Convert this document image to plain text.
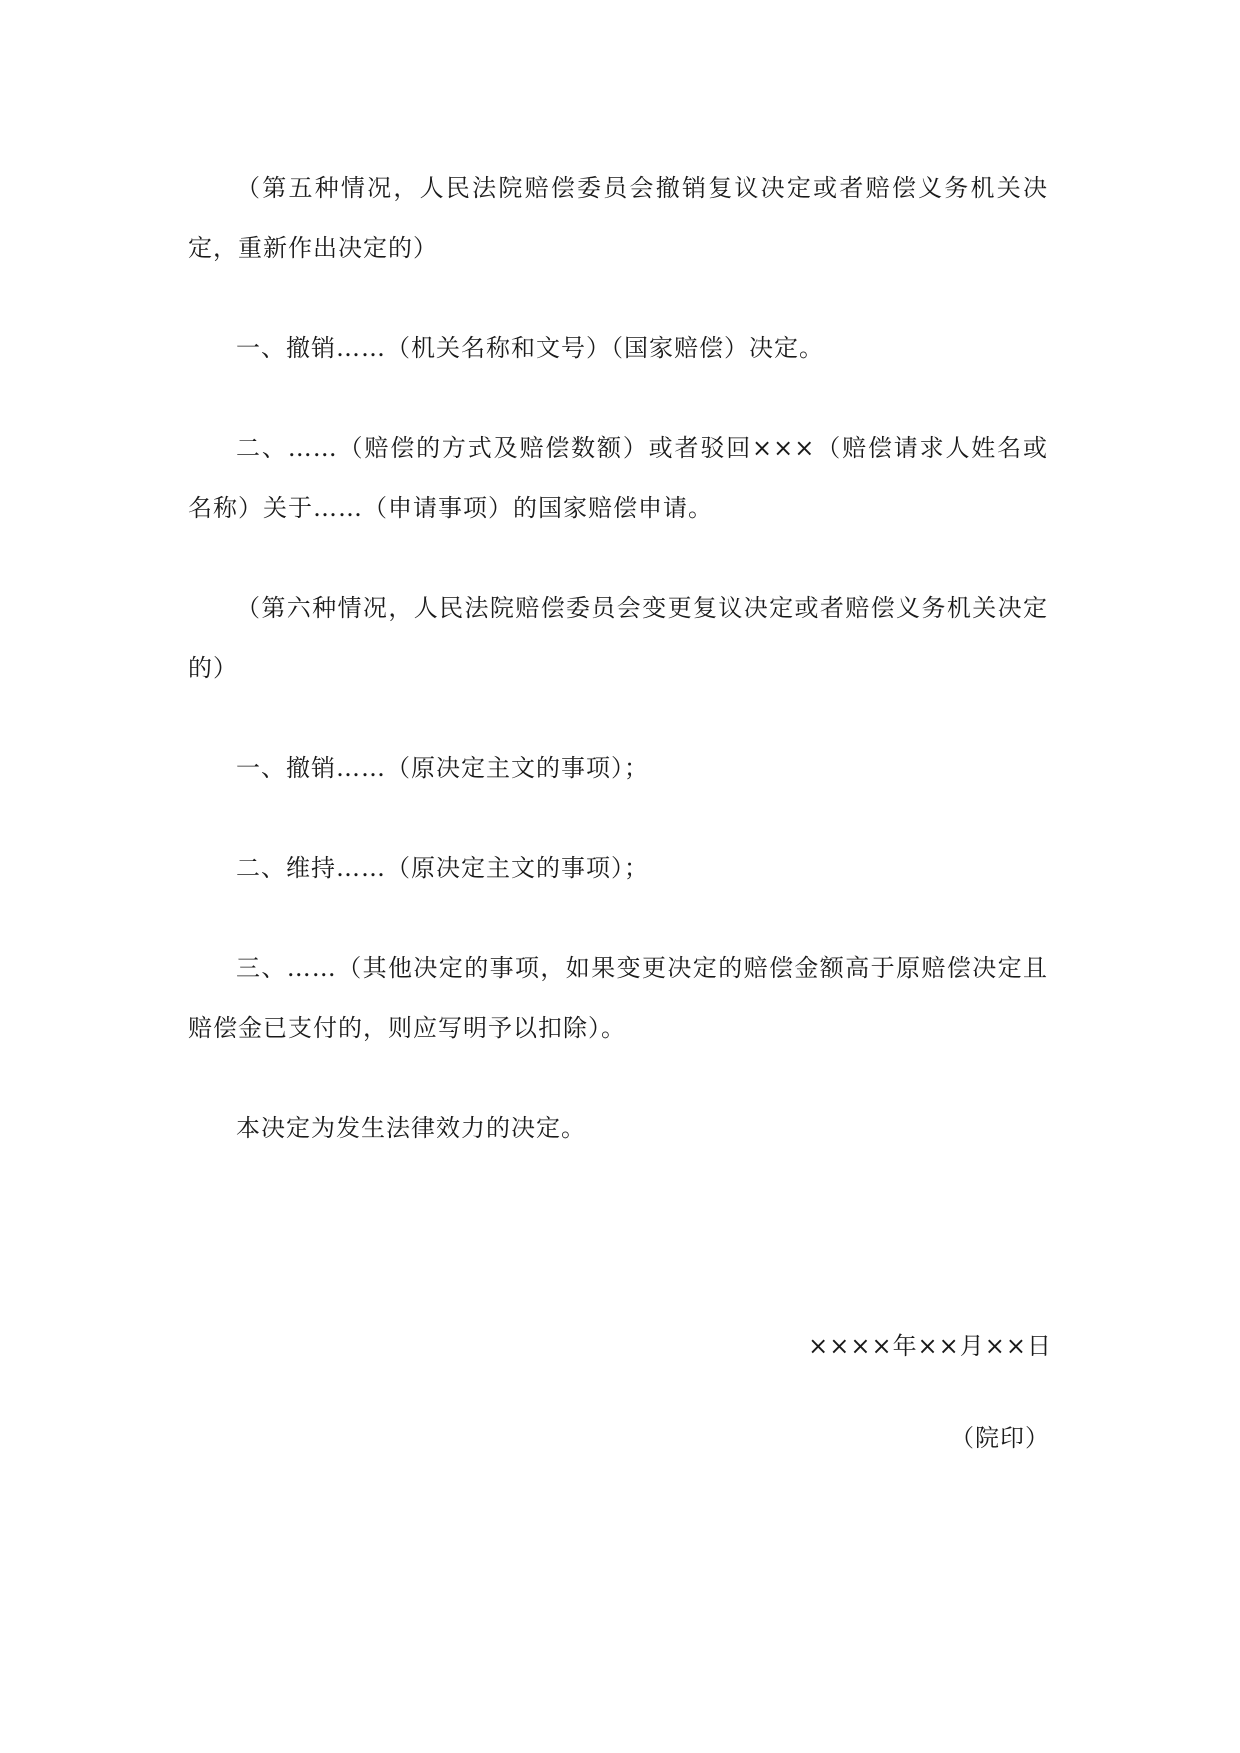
（第五种情况，人民法院赔偿委员会撤销复议决定或者赔偿义务机关决定，重新作出决定的）

一、撤销……（机关名称和文号）（国家赔偿）决定。

二、……（赔偿的方式及赔偿数额）或者驳回×××（赔偿请求人姓名或名称）关于……（申请事项）的国家赔偿申请。

（第六种情况，人民法院赔偿委员会变更复议决定或者赔偿义务机关决定的）

一、撤销……（原决定主文的事项）；

二、维持……（原决定主文的事项）；

三、……（其他决定的事项，如果变更决定的赔偿金额高于原赔偿决定且赔偿金已支付的，则应写明予以扣除）。

本决定为发生法律效力的决定。

××××年××月××日
（院印）
